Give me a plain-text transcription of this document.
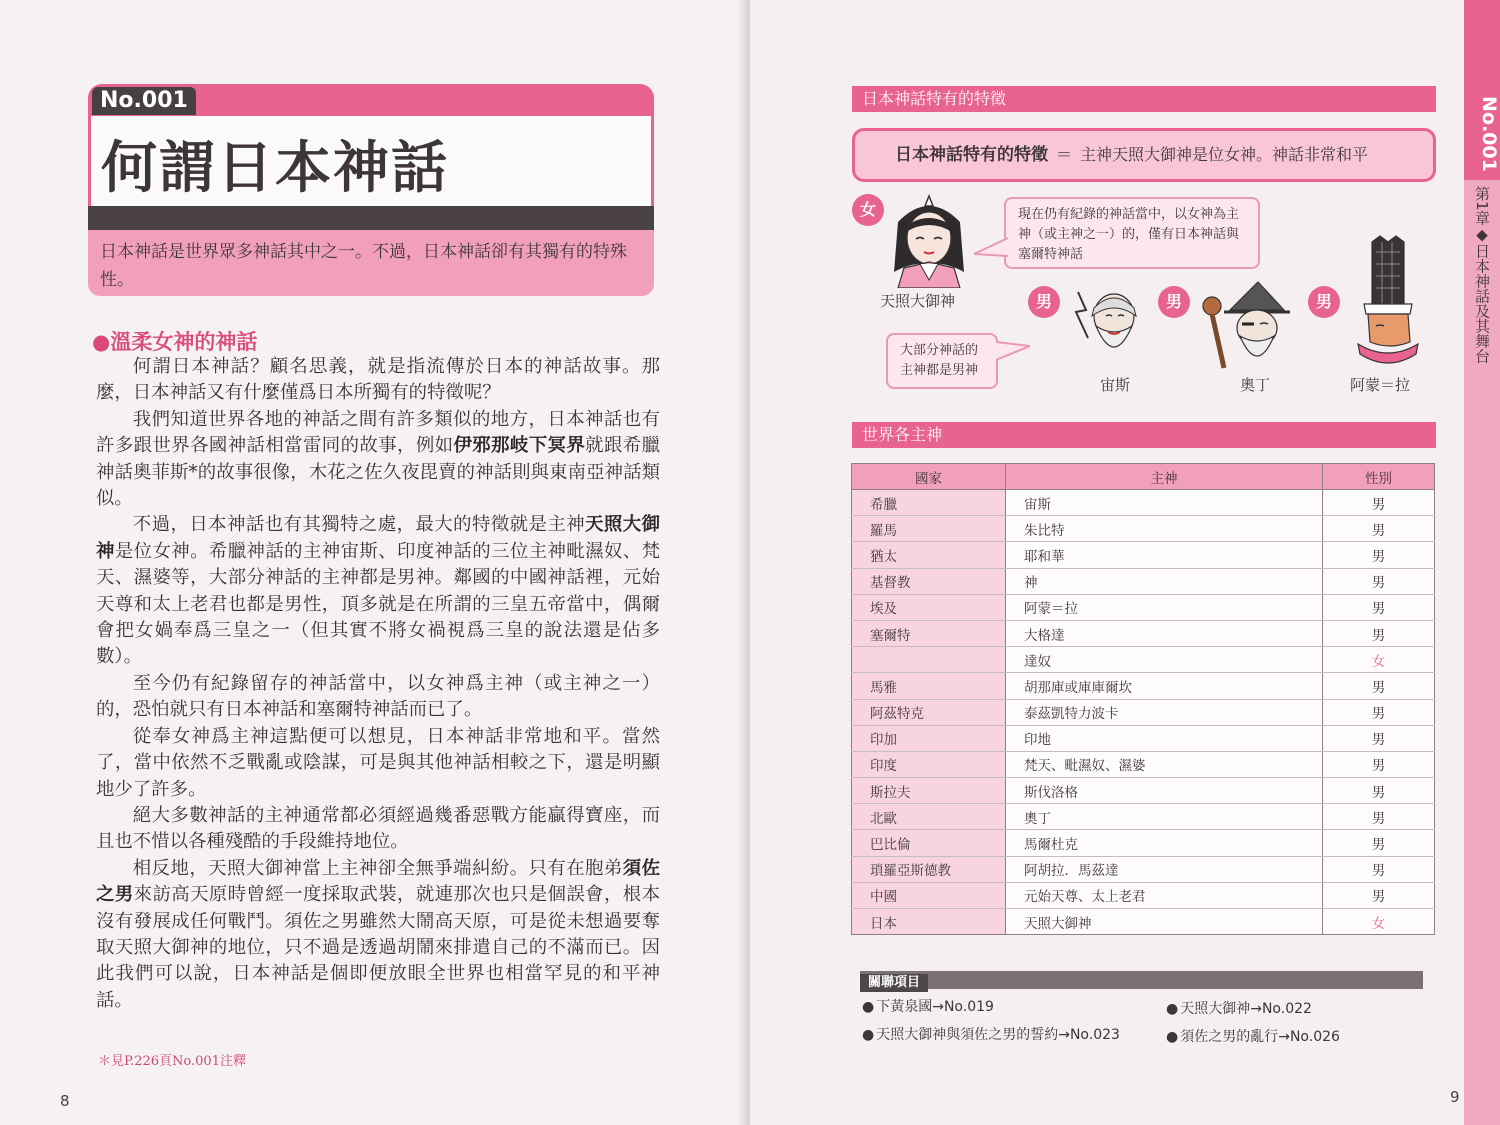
No.001
何謂日本神話
日本神話是世界眾多神話其中之一。不過，日本神話卻有其獨有的特殊性。
●溫柔女神的神話

何謂日本神話？顧名思義，就是指流傳於日本的神話故事。那麼，日本神話又有什麼僅爲日本所獨有的特徵呢？

我們知道世界各地的神話之間有許多類似的地方，日本神話也有許多跟世界各國神話相當雷同的故事，例如伊邪那岐下冥界就跟希臘神話奧菲斯*的故事很像，木花之佐久夜毘賣的神話則與東南亞神話類似。

不過，日本神話也有其獨特之處，最大的特徵就是主神天照大御神是位女神。希臘神話的主神宙斯、印度神話的三位主神毗濕奴、梵天、濕婆等，大部分神話的主神都是男神。鄰國的中國神話裡，元始天尊和太上老君也都是男性，頂多就是在所謂的三皇五帝當中，偶爾會把女媧奉爲三皇之一（但其實不將女禍視爲三皇的說法還是佔多數）。

至今仍有紀錄留存的神話當中，以女神爲主神（或主神之一）的，恐怕就只有日本神話和塞爾特神話而已了。

從奉女神爲主神這點便可以想見，日本神話非常地和平。當然了，當中依然不乏戰亂或陰謀，可是與其他神話相較之下，還是明顯地少了許多。

絕大多數神話的主神通常都必須經過幾番惡戰方能贏得寶座，而且也不惜以各種殘酷的手段維持地位。

相反地，天照大御神當上主神卻全無爭端糾紛。只有在胞弟須佐之男來訪高天原時曾經一度採取武裝，就連那次也只是個誤會，根本沒有發展成任何戰鬥。須佐之男雖然大鬧高天原，可是從未想過要奪取天照大御神的地位，只不過是透過胡鬧來排遣自己的不滿而已。因此我們可以說，日本神話是個即便放眼全世界也相當罕見的和平神話。

＊見P.226頁No.001注釋
8
日本神話特有的特徵
日本神話特有的特徵 ＝ 主神天照大御神是位女神。神話非常和平
女
天照大御神
現在仍有紀錄的神話當中，以女神為主神（或主神之一）的，僅有日本神話與塞爾特神話
大部分神話的主神都是男神
男	男	男
宙斯	奧丁	阿蒙＝拉
世界各主神
國家	主神	性別
希臘	宙斯	男
羅馬	朱比特	男
猶太	耶和華	男
基督教	神	男
埃及	阿蒙＝拉	男
塞爾特	大格達	男
	達奴	女
馬雅	胡那庫或庫庫爾坎	男
阿茲特克	泰茲凱特力波卡	男
印加	印地	男
印度	梵天、毗濕奴、濕婆	男
斯拉夫	斯伐洛格	男
北歐	奧丁	男
巴比倫	馬爾杜克	男
瑣羅亞斯德教	阿胡拉．馬茲達	男
中國	元始天尊、太上老君	男
日本	天照大御神	女
關聯項目
● 下黃泉國→No.019	● 天照大御神→No.022
● 天照大御神與須佐之男的誓約→No.023	● 須佐之男的亂行→No.026
No.001
第1章◆日本神話及其舞台
9
